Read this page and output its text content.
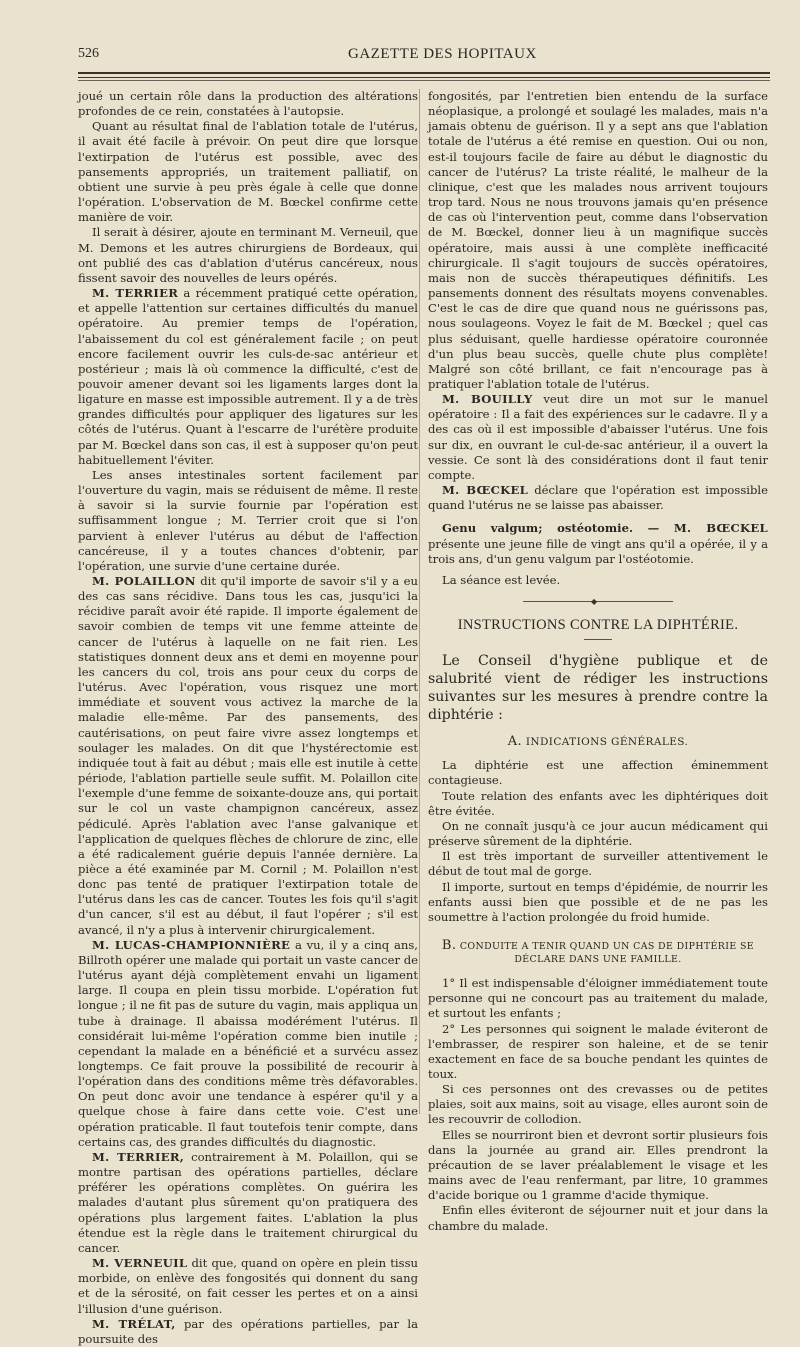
526	GAZETTE DES HOPITAUX

joué un certain rôle dans la production des altérations profondes de ce rein, constatées à l'autopsie.

Quant au résultat final de l'ablation totale de l'utérus, il avait été facile à prévoir. On peut dire que lorsque l'extirpation de l'utérus est possible, avec des pansements appropriés, un traitement palliatif, on obtient une survie à peu près égale à celle que donne l'opération. L'observation de M. Bœckel confirme cette manière de voir.

Il serait à désirer, ajoute en terminant M. Verneuil, que M. Demons et les autres chirurgiens de Bordeaux, qui ont publié des cas d'ablation d'utérus cancéreux, nous fissent savoir des nouvelles de leurs opérés.

M. TERRIER a récemment pratiqué cette opération, et appelle l'attention sur certaines difficultés du manuel opératoire. Au premier temps de l'opération, l'abaissement du col est généralement facile ; on peut encore facilement ouvrir les culs-de-sac antérieur et postérieur ; mais là où commence la difficulté, c'est de pouvoir amener devant soi les ligaments larges dont la ligature en masse est impossible autrement. Il y a de très grandes difficultés pour appliquer des ligatures sur les côtés de l'utérus. Quant à l'escarre de l'urétère produite par M. Bœckel dans son cas, il est à supposer qu'on peut habituellement l'éviter.

Les anses intestinales sortent facilement par l'ouverture du vagin, mais se réduisent de même. Il reste à savoir si la survie fournie par l'opération est suffisamment longue ; M. Terrier croit que si l'on parvient à enlever l'utérus au début de l'affection cancéreuse, il y a toutes chances d'obtenir, par l'opération, une survie d'une certaine durée.

M. POLAILLON dit qu'il importe de savoir s'il y a eu des cas sans récidive. Dans tous les cas, jusqu'ici la récidive paraît avoir été rapide. Il importe également de savoir combien de temps vit une femme atteinte de cancer de l'utérus à laquelle on ne fait rien. Les statistiques donnent deux ans et demi en moyenne pour les cancers du col, trois ans pour ceux du corps de l'utérus. Avec l'opération, vous risquez une mort immédiate et souvent vous activez la marche de la maladie elle-même. Par des pansements, des cautérisations, on peut faire vivre assez longtemps et soulager les malades. On dit que l'hystérectomie est indiquée tout à fait au début ; mais elle est inutile à cette période, l'ablation partielle seule suffit. M. Polaillon cite l'exemple d'une femme de soixante-douze ans, qui portait sur le col un vaste champignon cancéreux, assez pédiculé. Après l'ablation avec l'anse galvanique et l'application de quelques flèches de chlorure de zinc, elle a été radicalement guérie depuis l'année dernière. La pièce a été examinée par M. Cornil ; M. Polaillon n'est donc pas tenté de pratiquer l'extirpation totale de l'utérus dans les cas de cancer. Toutes les fois qu'il s'agit d'un cancer, s'il est au début, il faut l'opérer ; s'il est avancé, il n'y a plus à intervenir chirurgicalement.

M. LUCAS-CHAMPIONNIÈRE a vu, il y a cinq ans, Billroth opérer une malade qui portait un vaste cancer de l'utérus ayant déjà complètement envahi un ligament large. Il coupa en plein tissu morbide. L'opération fut longue ; il ne fit pas de suture du vagin, mais appliqua un tube à drainage. Il abaissa modérément l'utérus. Il considérait lui-même l'opération comme bien inutile ; cependant la malade en a bénéficié et a survécu assez longtemps. Ce fait prouve la possibilité de recourir à l'opération dans des conditions même très défavorables. On peut donc avoir une tendance à espérer qu'il y a quelque chose à faire dans cette voie. C'est une opération praticable. Il faut toutefois tenir compte, dans certains cas, des grandes difficultés du diagnostic.

M. TERRIER, contrairement à M. Polaillon, qui se montre partisan des opérations partielles, déclare préférer les opérations complètes. On guérira les malades d'autant plus sûrement qu'on pratiquera des opérations plus largement faites. L'ablation la plus étendue est la règle dans le traitement chirurgical du cancer.

M. VERNEUIL dit que, quand on opère en plein tissu morbide, on enlève des fongosités qui donnent du sang et de la sérosité, on fait cesser les pertes et on a ainsi l'illusion d'une guérison.

M. TRÉLAT, par des opérations partielles, par la poursuite des

fongosités, par l'entretien bien entendu de la surface néoplasique, a prolongé et soulagé les malades, mais n'a jamais obtenu de guérison. Il y a sept ans que l'ablation totale de l'utérus a été remise en question. Oui ou non, est-il toujours facile de faire au début le diagnostic du cancer de l'utérus? La triste réalité, le malheur de la clinique, c'est que les malades nous arrivent toujours trop tard. Nous ne nous trouvons jamais qu'en présence de cas où l'intervention peut, comme dans l'observation de M. Bœckel, donner lieu à un magnifique succès opératoire, mais aussi à une complète inefficacité chirurgicale. Il s'agit toujours de succès opératoires, mais non de succès thérapeutiques définitifs. Les pansements donnent des résultats moyens convenables. C'est le cas de dire que quand nous ne guérissons pas, nous soulageons. Voyez le fait de M. Bœckel ; quel cas plus séduisant, quelle hardiesse opératoire couronnée d'un plus beau succès, quelle chute plus complète! Malgré son côté brillant, ce fait n'encourage pas à pratiquer l'ablation totale de l'utérus.

M. BOUILLY veut dire un mot sur le manuel opératoire : Il a fait des expériences sur le cadavre. Il y a des cas où il est impossible d'abaisser l'utérus. Une fois sur dix, en ouvrant le cul-de-sac antérieur, il a ouvert la vessie. Ce sont là des considérations dont il faut tenir compte.

M. BŒCKEL déclare que l'opération est impossible quand l'utérus ne se laisse pas abaisser.

Genu valgum; ostéotomie. — M. BŒCKEL présente une jeune fille de vingt ans qu'il a opérée, il y a trois ans, d'un genu valgum par l'ostéotomie.

La séance est levée.

◆
INSTRUCTIONS CONTRE LA DIPHTÉRIE.

Le Conseil d'hygiène publique et de salubrité vient de rédiger les instructions suivantes sur les mesures à prendre contre la diphtérie :

A. INDICATIONS GÉNÉRALES.

La diphtérie est une affection éminemment contagieuse.

Toute relation des enfants avec les diphtériques doit être évitée.

On ne connaît jusqu'à ce jour aucun médicament qui préserve sûrement de la diphtérie.

Il est très important de surveiller attentivement le début de tout mal de gorge.

Il importe, surtout en temps d'épidémie, de nourrir les enfants aussi bien que possible et de ne pas les soumettre à l'action prolongée du froid humide.

B. CONDUITE A TENIR QUAND UN CAS DE DIPHTÉRIE SE DÉCLARE DANS UNE FAMILLE.

1° Il est indispensable d'éloigner immédiatement toute personne qui ne concourt pas au traitement du malade, et surtout les enfants ;

2° Les personnes qui soignent le malade éviteront de l'embrasser, de respirer son haleine, et de se tenir exactement en face de sa bouche pendant les quintes de toux.

Si ces personnes ont des crevasses ou de petites plaies, soit aux mains, soit au visage, elles auront soin de les recouvrir de collodion.

Elles se nourriront bien et devront sortir plusieurs fois dans la journée au grand air. Elles prendront la précaution de se laver préalablement le visage et les mains avec de l'eau renfermant, par litre, 10 grammes d'acide borique ou 1 gramme d'acide thymique.

Enfin elles éviteront de séjourner nuit et jour dans la chambre du malade.
